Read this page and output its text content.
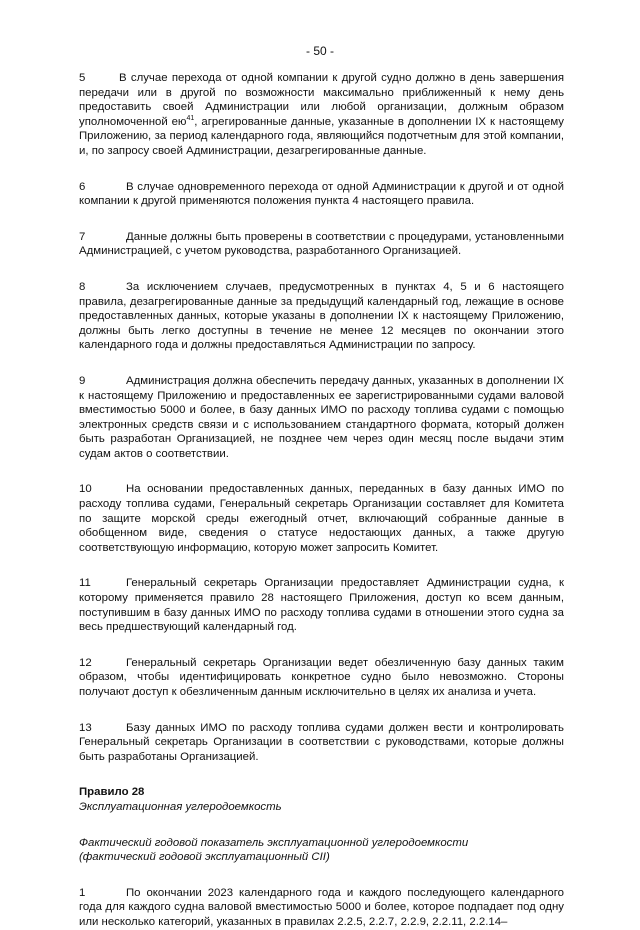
- 50 -

5	В случае перехода от одной компании к другой судно должно в день завершения передачи или в другой по возможности максимально приближенный к нему день предоставить своей Администрации или любой организации, должным образом уполномоченной $ею^{41}$, агрегированные данные, указанные в дополнении IX к настоящему Приложению, за период календарного года, являющийся подотчетным для этой компании, и, по запросу своей Администрации, дезагрегированные данные.

6	В случае одновременного перехода от одной Администрации к другой и от одной компании к другой применяются положения пункта 4 настоящего правила.

7	Данные должны быть проверены в соответствии с процедурами, установленными Администрацией, с учетом руководства, разработанного Организацией.

8	За исключением случаев, предусмотренных в пунктах 4, 5 и 6 настоящего правила, дезагрегированные данные за предыдущий календарный год, лежащие в основе предоставленных данных, которые указаны в дополнении IX к настоящему Приложению, должны быть легко доступны в течение не менее 12 месяцев по окончании этого календарного года и должны предоставляться Администрации по запросу.

9	Администрация должна обеспечить передачу данных, указанных в дополнении IX к настоящему Приложению и предоставленных ее зарегистрированными судами валовой вместимостью 5000 и более, в базу данных ИМО по расходу топлива судами с помощью электронных средств связи и с использованием стандартного формата, который должен быть разработан Организацией, не позднее чем через один месяц после выдачи этим судам актов о соответствии.

10	На основании предоставленных данных, переданных в базу данных ИМО по расходу топлива судами, Генеральный секретарь Организации составляет для Комитета по защите морской среды ежегодный отчет, включающий собранные данные в обобщенном виде, сведения о статусе недостающих данных, а также другую соответствующую информацию, которую может запросить Комитет.

11	Генеральный секретарь Организации предоставляет Администрации судна, к которому применяется правило 28 настоящего Приложения, доступ ко всем данным, поступившим в базу данных ИМО по расходу топлива судами в отношении этого судна за весь предшествующий календарный год.

12	Генеральный секретарь Организации ведет обезличенную базу данных таким образом, чтобы идентифицировать конкретное судно было невозможно. Стороны получают доступ к обезличенным данным исключительно в целях их анализа и учета.

13	Базу данных ИМО по расходу топлива судами должен вести и контролировать Генеральный секретарь Организации в соответствии с руководствами, которые должны быть разработаны Организацией.

Правило 28

Эксплуатационная углеродоемкость

Фактический годовой показатель эксплуатационной углеродоемкости
(фактический годовой эксплуатационный CII)

1	По окончании 2023 календарного года и каждого последующего календарного года для каждого судна валовой вместимостью 5000 и более, которое подпадает под одну или несколько категорий, указанных в правилах 2.2.5, 2.2.7, 2.2.9, 2.2.11, 2.2.14–
